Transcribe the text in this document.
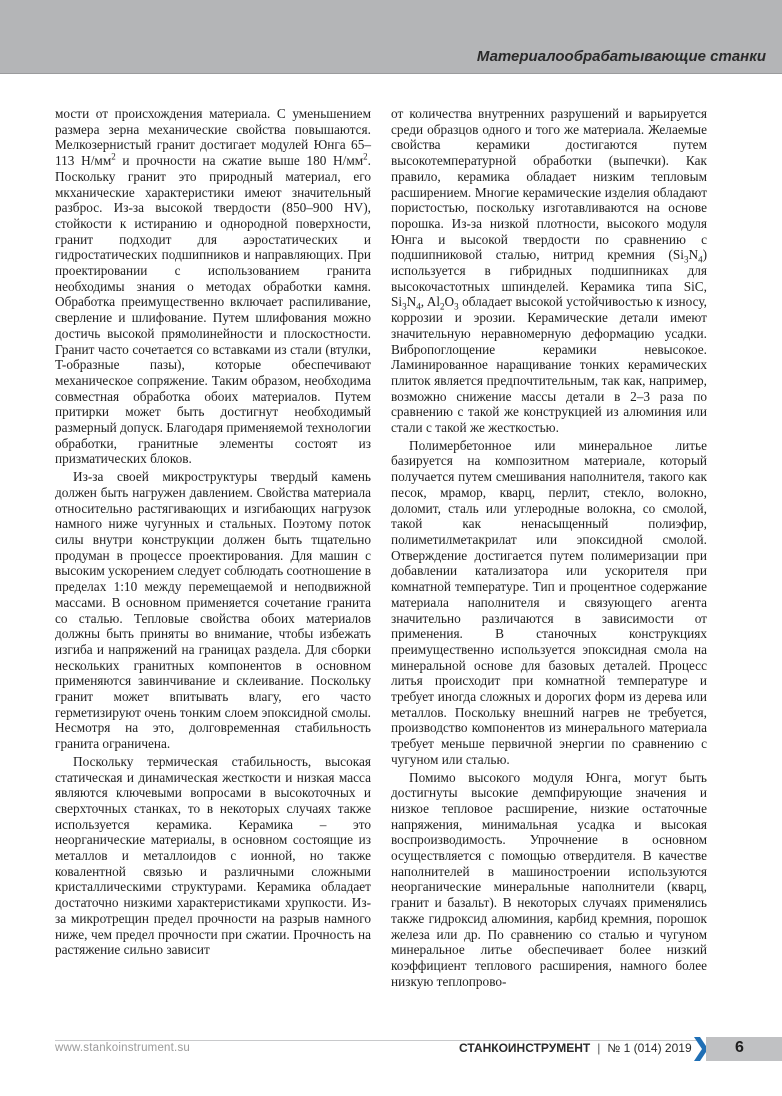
Материалообрабатывающие станки

мости от происхождения материала. С уменьшением размера зерна механические свойства повышаются. Мелкозернистый гранит достигает модулей Юнга 65–113 $Н/мм^2$ и прочности на сжатие выше 180 $Н/мм^2$. Поскольку гранит это природный материал, его мкханические характеристики имеют значительный разброс. Из-за высокой твердости (850–900 HV), стойкости к истиранию и однородной поверхности, гранит подходит для аэростатических и гидростатических подшипников и направляющих. При проектировании с использованием гранита необходимы знания о методах обработки камня. Обработка преимущественно включает распиливание, сверление и шлифование. Путем шлифования можно достичь высокой прямолинейности и плоскостности. Гранит часто сочетается со вставками из стали (втулки, T-образные пазы), которые обеспечивают механическое сопряжение. Таким образом, необходима совместная обработка обоих материалов. Путем притирки может быть достигнут необходимый размерный допуск. Благодаря применяемой технологии обработки, гранитные элементы состоят из призматических блоков.

Из-за своей микроструктуры твердый камень должен быть нагружен давлением. Свойства материала относительно растягивающих и изгибающих нагрузок намного ниже чугунных и стальных. Поэтому поток силы внутри конструкции должен быть тщательно продуман в процессе проектирования. Для машин с высоким ускорением следует соблюдать соотношение в пределах 1:10 между перемещаемой и неподвижной массами. В основном применяется сочетание гранита со сталью. Тепловые свойства обоих материалов должны быть приняты во внимание, чтобы избежать изгиба и напряжений на границах раздела. Для сборки нескольких гранитных компонентов в основном применяются завинчивание и склеивание. Поскольку гранит может впитывать влагу, его часто герметизируют очень тонким слоем эпоксидной смолы. Несмотря на это, долговременная стабильность гранита ограничена.

Поскольку термическая стабильность, высокая статическая и динамическая жесткости и низкая масса являются ключевыми вопросами в высокоточных и сверхточных станках, то в некоторых случаях также используется керамика. Керамика – это неорганические материалы, в основном состоящие из металлов и металлоидов с ионной, но также ковалентной связью и различными сложными кристаллическими структурами. Керамика обладает достаточно низкими характеристиками хрупкости. Из-за микротрещин предел прочности на разрыв намного ниже, чем предел прочности при сжатии. Прочность на растяжение сильно зависит

от количества внутренних разрушений и варьируется среди образцов одного и того же материала. Желаемые свойства керамики достигаются путем высокотемпературной обработки (выпечки). Как правило, керамика обладает низким тепловым расширением. Многие керамические изделия обладают пористостью, поскольку изготавливаются на основе порошка. Из-за низкой плотности, высокого модуля Юнга и высокой твердости по сравнению с подшипниковой сталью, нитрид кремния $(Si_3N_4)$ используется в гибридных подшипниках для высокочастотных шпинделей. Керамика типа SiC, $Si_3N_4$, $Al_2O_3$ обладает высокой устойчивостью к износу, коррозии и эрозии. Керамические детали имеют значительную неравномерную деформацию усадки. Вибропоглощение керамики невысокое. Ламинированное наращивание тонких керамических плиток является предпочтительным, так как, например, возможно снижение массы детали в 2–3 раза по сравнению с такой же конструкцией из алюминия или стали с такой же жесткостью.

Полимербетонное или минеральное литье базируется на композитном материале, который получается путем смешивания наполнителя, такого как песок, мрамор, кварц, перлит, стекло, волокно, доломит, сталь или углеродные волокна, со смолой, такой как ненасыщенный полиэфир, полиметилметакрилат или эпоксидной смолой. Отверждение достигается путем полимеризации при добавлении катализатора или ускорителя при комнатной температуре. Тип и процентное содержание материала наполнителя и связующего агента значительно различаются в зависимости от применения. В станочных конструкциях преимущественно используется эпоксидная смола на минеральной основе для базовых деталей. Процесс литья происходит при комнатной температуре и требует иногда сложных и дорогих форм из дерева или металлов. Поскольку внешний нагрев не требуется, производство компонентов из минерального материала требует меньше первичной энергии по сравнению с чугуном или сталью.

Помимо высокого модуля Юнга, могут быть достигнуты высокие демпфирующие значения и низкое тепловое расширение, низкие остаточные напряжения, минимальная усадка и высокая воспроизводимость. Упрочнение в основном осуществляется с помощью отвердителя. В качестве наполнителей в машиностроении используются неорганические минеральные наполнители (кварц, гранит и базальт). В некоторых случаях применялись также гидроксид алюминия, карбид кремния, порошок железа или др. По сравнению со сталью и чугуном минеральное литье обеспечивает более низкий коэффициент теплового расширения, намного более низкую теплопрово-

www.stankoinstrument.su	СТАНКОИНСТРУМЕНТ | № 1 (014) 2019	6
